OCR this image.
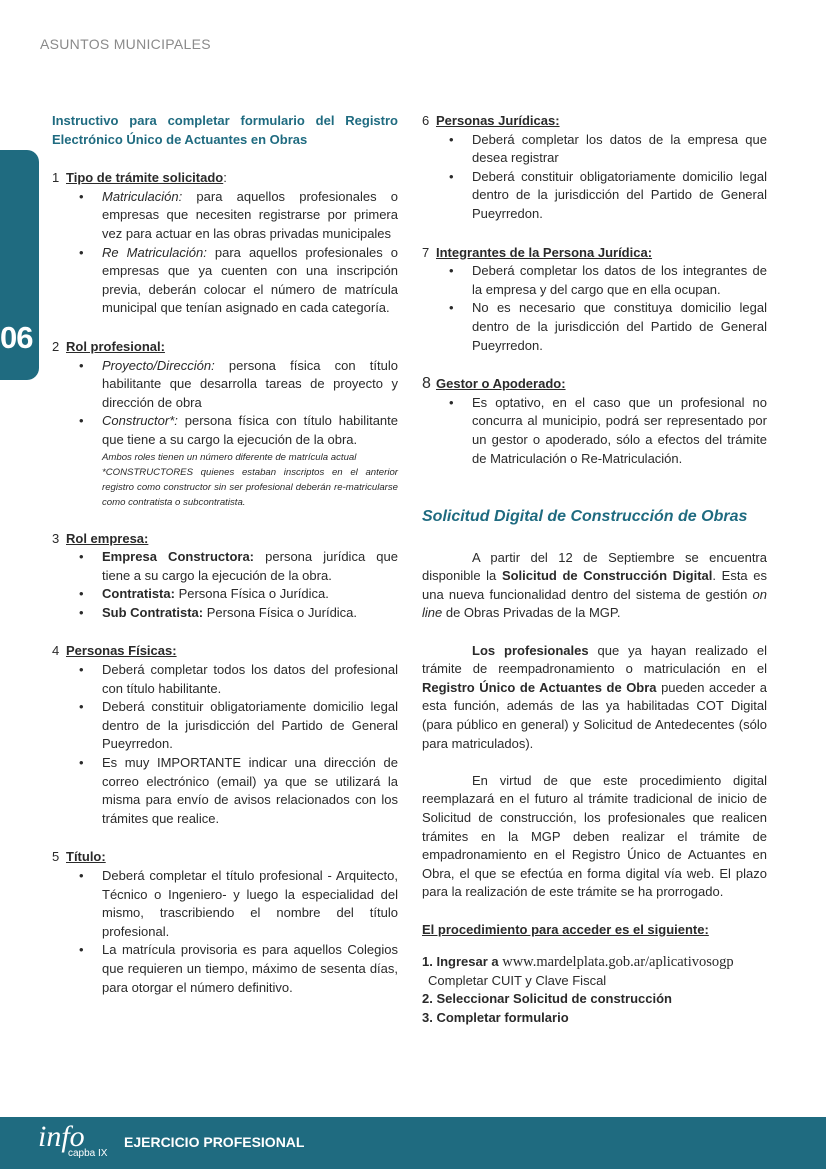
ASUNTOS MUNICIPALES
06

Instructivo para completar formulario del Registro Electrónico Único de Actuantes en Obras

1 Tipo de trámite solicitado:

• Matriculación: para aquellos profesionales o empresas que necesiten registrarse por primera vez para actuar en las obras privadas municipales
• Re Matriculación: para aquellos profesionales o empresas que ya cuenten con una inscripción previa, deberán colocar el número de matrícula municipal que tenían asignado en cada categoría.

2 Rol profesional:

• Proyecto/Dirección: persona física con título habilitante que desarrolla tareas de proyecto y dirección de obra
• Constructor*: persona física con título habilitante que tiene a su cargo la ejecución de la obra.
Ambos roles tienen un número diferente de matrícula actual
*CONSTRUCTORES quienes estaban inscriptos en el anterior registro como constructor sin ser profesional deberán re-matricularse como contratista o subcontratista.

3 Rol empresa:

• Empresa Constructora: persona jurídica que tiene a su cargo la ejecución de la obra.
• Contratista: Persona Física o Jurídica.
• Sub Contratista: Persona Física o Jurídica.

4 Personas Físicas:

• Deberá completar todos los datos del profesional con título habilitante.
• Deberá constituir obligatoriamente domicilio legal dentro de la jurisdicción del Partido de General Pueyrredon.
• Es muy IMPORTANTE indicar una dirección de correo electrónico (email) ya que se utilizará la misma para envío de avisos relacionados con los trámites que realice.

5 Título:

• Deberá completar el título profesional - Arquitecto, Técnico o Ingeniero- y luego la especialidad del mismo, trascribiendo el nombre del título profesional.
• La matrícula provisoria es para aquellos Colegios que requieren un tiempo, máximo de sesenta días, para otorgar el número definitivo.

6 Personas Jurídicas:

• Deberá completar los datos de la empresa que desea registrar
• Deberá constituir obligatoriamente domicilio legal dentro de la jurisdicción del Partido de General Pueyrredon.

7 Integrantes de la Persona Jurídica:

• Deberá completar los datos de los integrantes de la empresa y del cargo que en ella ocupan.
• No es necesario que constituya domicilio legal dentro de la jurisdicción del Partido de General Pueyrredon.

8 Gestor o Apoderado:

• Es optativo, en el caso que un profesional no concurra al municipio, podrá ser representado por un gestor o apoderado, sólo a efectos del trámite de Matriculación o Re-Matriculación.
Solicitud Digital de Construcción de Obras

A partir del 12 de Septiembre se encuentra disponible la Solicitud de Construcción Digital. Esta es una nueva funcionalidad dentro del sistema de gestión on line de Obras Privadas de la MGP.

Los profesionales que ya hayan realizado el trámite de reempadronamiento o matriculación en el Registro Único de Actuantes de Obra pueden acceder a esta función, además de las ya habilitadas COT Digital (para público en general) y Solicitud de Antedecentes (sólo para matriculados).

En virtud de que este procedimiento digital reemplazará en el futuro al trámite tradicional de inicio de Solicitud de construcción, los profesionales que realicen trámites en la MGP deben realizar el trámite de empadronamiento en el Registro Único de Actuantes en Obra, el que se efectúa en forma digital vía web. El plazo para la realización de este trámite se ha prorrogado.

El procedimiento para acceder es el siguiente:

1. Ingresar a www.mardelplata.gob.ar/aplicativosogp

Completar CUIT y Clave Fiscal

2. Seleccionar Solicitud de construcción

3. Completar formulario

info
capba IX
EJERCICIO PROFESIONAL
